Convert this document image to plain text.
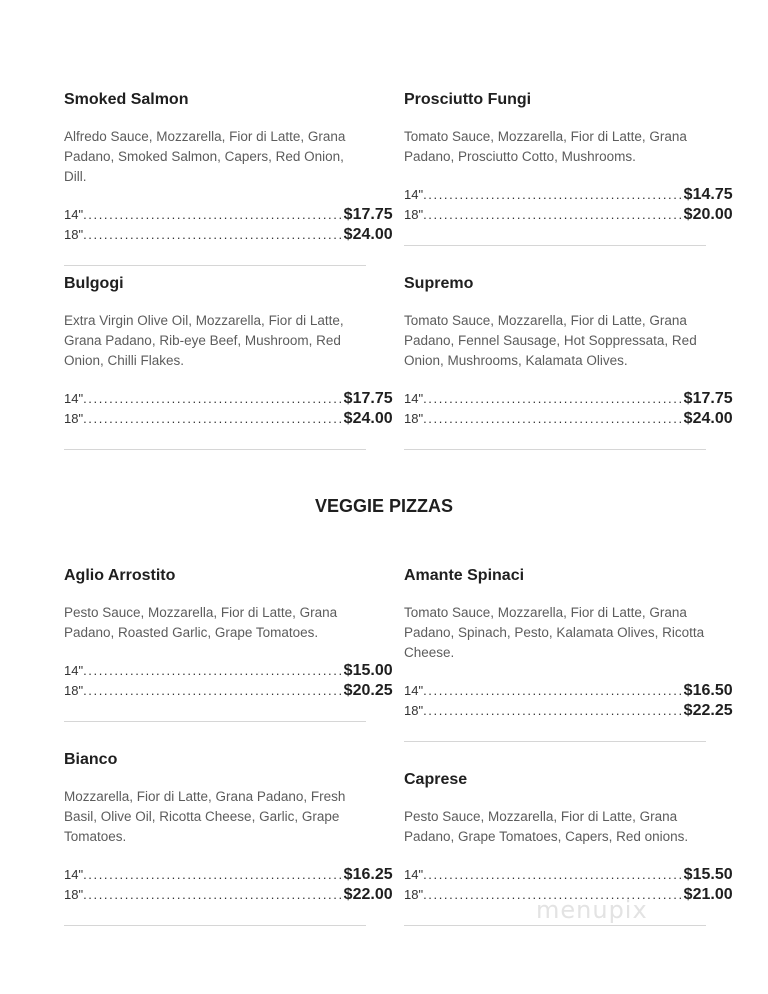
Smoked Salmon
Alfredo Sauce, Mozzarella, Fior di Latte, Grana Padano, Smoked Salmon, Capers, Red Onion, Dill.
14" .................................................. $17.75
18" .................................................. $24.00
Prosciutto Fungi
Tomato Sauce, Mozzarella, Fior di Latte, Grana Padano, Prosciutto Cotto, Mushrooms.
14" .................................................. $14.75
18" .................................................. $20.00
Bulgogi
Extra Virgin Olive Oil, Mozzarella, Fior di Latte, Grana Padano, Rib-eye Beef, Mushroom, Red Onion, Chilli Flakes.
14" .................................................. $17.75
18" .................................................. $24.00
Supremo
Tomato Sauce, Mozzarella, Fior di Latte, Grana Padano, Fennel Sausage, Hot Soppressata, Red Onion, Mushrooms, Kalamata Olives.
14" .................................................. $17.75
18" .................................................. $24.00
VEGGIE PIZZAS
Aglio Arrostito
Pesto Sauce, Mozzarella, Fior di Latte, Grana Padano, Roasted Garlic, Grape Tomatoes.
14" .................................................. $15.00
18" .................................................. $20.25
Amante Spinaci
Tomato Sauce, Mozzarella, Fior di Latte, Grana Padano, Spinach, Pesto, Kalamata Olives, Ricotta Cheese.
14" .................................................. $16.50
18" .................................................. $22.25
Bianco
Mozzarella, Fior di Latte, Grana Padano, Fresh Basil, Olive Oil, Ricotta Cheese, Garlic, Grape Tomatoes.
14" .................................................. $16.25
18" .................................................. $22.00
Caprese
Pesto Sauce, Mozzarella, Fior di Latte, Grana Padano, Grape Tomatoes, Capers, Red onions.
14" .................................................. $15.50
18" .................................................. $21.00
menupix
